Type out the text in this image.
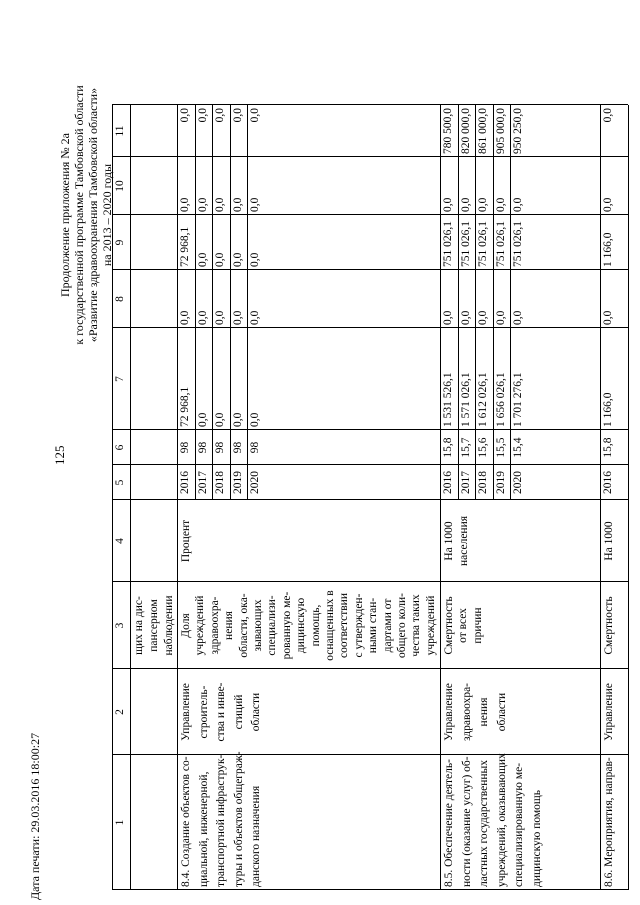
125
Продолжение приложения № 2а к государственной программе Тамбовской области «Развитие здравоохранения Тамбовской области» на 2013 – 2020 годы
Дата печати: 29.03.2016 18:00:27	1
2
3
4
5
6
7
8
9
10
11
щих на дис- пансерном наблюдении
8.4. Создание объектов со- циальной, инженерной, транспортной инфраструк- туры и объектов общеграж- данского назначения
Управление строитель- ства и инве- стиций области
Доля учреждений здравоохра- нения области, ока- зывающих специализи- рованную ме- дицинскую помощь, оснащенных в соответствии с утвержден- ными стан- дартами от общего коли- чества таких учреждений
Процент
2016
98
72 968,1
0,0
72 968,1
0,0
0,0
2017
98
0,0
0,0
0,0
0,0
0,0
2018
98
0,0
0,0
0,0
0,0
0,0
2019
98
0,0
0,0
0,0
0,0
0,0
2020
98
0,0
0,0
0,0
0,0
0,0
8.5. Обеспечение деятель- ности (оказание услуг) об- ластных государственных учреждений, оказывающих специализированную ме- дицинскую помощь
Управление здравоохра- нения области
Смертность от всех причин
На 1000 населения
2016
15,8
1 531 526,1
0,0
751 026,1
0,0
780 500,0
2017
15,7
1 571 026,1
0,0
751 026,1
0,0
820 000,0
2018
15,6
1 612 026,1
0,0
751 026,1
0,0
861 000,0
2019
15,5
1 656 026,1
0,0
751 026,1
0,0
905 000,0
2020
15,4
1 701 276,1
0,0
751 026,1
0,0
950 250,0
8.6. Мероприятия, направ-
Управление
Смертность
На 1000
2016
15,8
1 166,0
0,0
1 166,0
0,0
0,0
